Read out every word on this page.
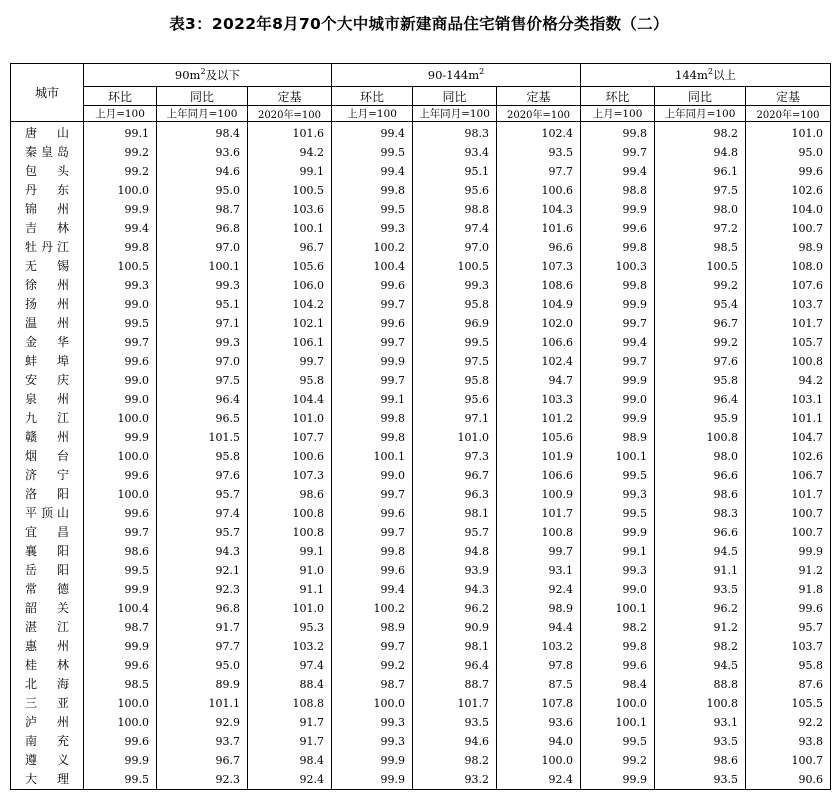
表3：2022年8月70个大中城市新建商品住宅销售价格分类指数（二）
城市	$90m^2$及以下			$90-144m^2$			$144m^2$以上		
	环比	同比	定基	环比	同比	定基	环比	同比	定基
	上月=100	上年同月=100	2020年=100	上月=100	上年同月=100	2020年=100	上月=100	上年同月=100	2020年=100
唐山	99.1	98.4	101.6	99.4	98.3	102.4	99.8	98.2	101.0
秦皇岛	99.2	93.6	94.2	99.5	93.4	93.5	99.7	94.8	95.0
包头	99.2	94.6	99.1	99.4	95.1	97.7	99.4	96.1	99.6
丹东	100.0	95.0	100.5	99.8	95.6	100.6	98.8	97.5	102.6
锦州	99.9	98.7	103.6	99.5	98.8	104.3	99.9	98.0	104.0
吉林	99.4	96.8	100.1	99.3	97.4	101.6	99.6	97.2	100.7
牡丹江	99.8	97.0	96.7	100.2	97.0	96.6	99.8	98.5	98.9
无锡	100.5	100.1	105.6	100.4	100.5	107.3	100.3	100.5	108.0
徐州	99.3	99.3	106.0	99.6	99.3	108.6	99.8	99.2	107.6
扬州	99.0	95.1	104.2	99.7	95.8	104.9	99.9	95.4	103.7
温州	99.5	97.1	102.1	99.6	96.9	102.0	99.7	96.7	101.7
金华	99.7	99.3	106.1	99.7	99.5	106.6	99.4	99.2	105.7
蚌埠	99.6	97.0	99.7	99.9	97.5	102.4	99.7	97.6	100.8
安庆	99.0	97.5	95.8	99.7	95.8	94.7	99.9	95.8	94.2
泉州	99.0	96.4	104.4	99.1	95.6	103.3	99.0	96.4	103.1
九江	100.0	96.5	101.0	99.8	97.1	101.2	99.9	95.9	101.1
赣州	99.9	101.5	107.7	99.8	101.0	105.6	98.9	100.8	104.7
烟台	100.0	95.8	100.6	100.1	97.3	101.9	100.1	98.0	102.6
济宁	99.6	97.6	107.3	99.0	96.7	106.6	99.5	96.6	106.7
洛阳	100.0	95.7	98.6	99.7	96.3	100.9	99.3	98.6	101.7
平顶山	99.6	97.4	100.8	99.6	98.1	101.7	99.5	98.3	100.7
宜昌	99.7	95.7	100.8	99.7	95.7	100.8	99.9	96.6	100.7
襄阳	98.6	94.3	99.1	99.8	94.8	99.7	99.1	94.5	99.9
岳阳	99.5	92.1	91.0	99.6	93.9	93.1	99.3	91.1	91.2
常德	99.9	92.3	91.1	99.4	94.3	92.4	99.0	93.5	91.8
韶关	100.4	96.8	101.0	100.2	96.2	98.9	100.1	96.2	99.6
湛江	98.7	91.7	95.3	98.9	90.9	94.4	98.2	91.2	95.7
惠州	99.9	97.7	103.2	99.7	98.1	103.2	99.8	98.2	103.7
桂林	99.6	95.0	97.4	99.2	96.4	97.8	99.6	94.5	95.8
北海	98.5	89.9	88.4	98.7	88.7	87.5	98.4	88.8	87.6
三亚	100.0	101.1	108.8	100.0	101.7	107.8	100.0	100.8	105.5
泸州	100.0	92.9	91.7	99.3	93.5	93.6	100.1	93.1	92.2
南充	99.6	93.7	91.7	99.3	94.6	94.0	99.5	93.5	93.8
遵义	99.9	96.7	98.4	99.9	98.2	100.0	99.2	98.6	100.7
大理	99.5	92.3	92.4	99.9	93.2	92.4	99.9	93.5	90.6
